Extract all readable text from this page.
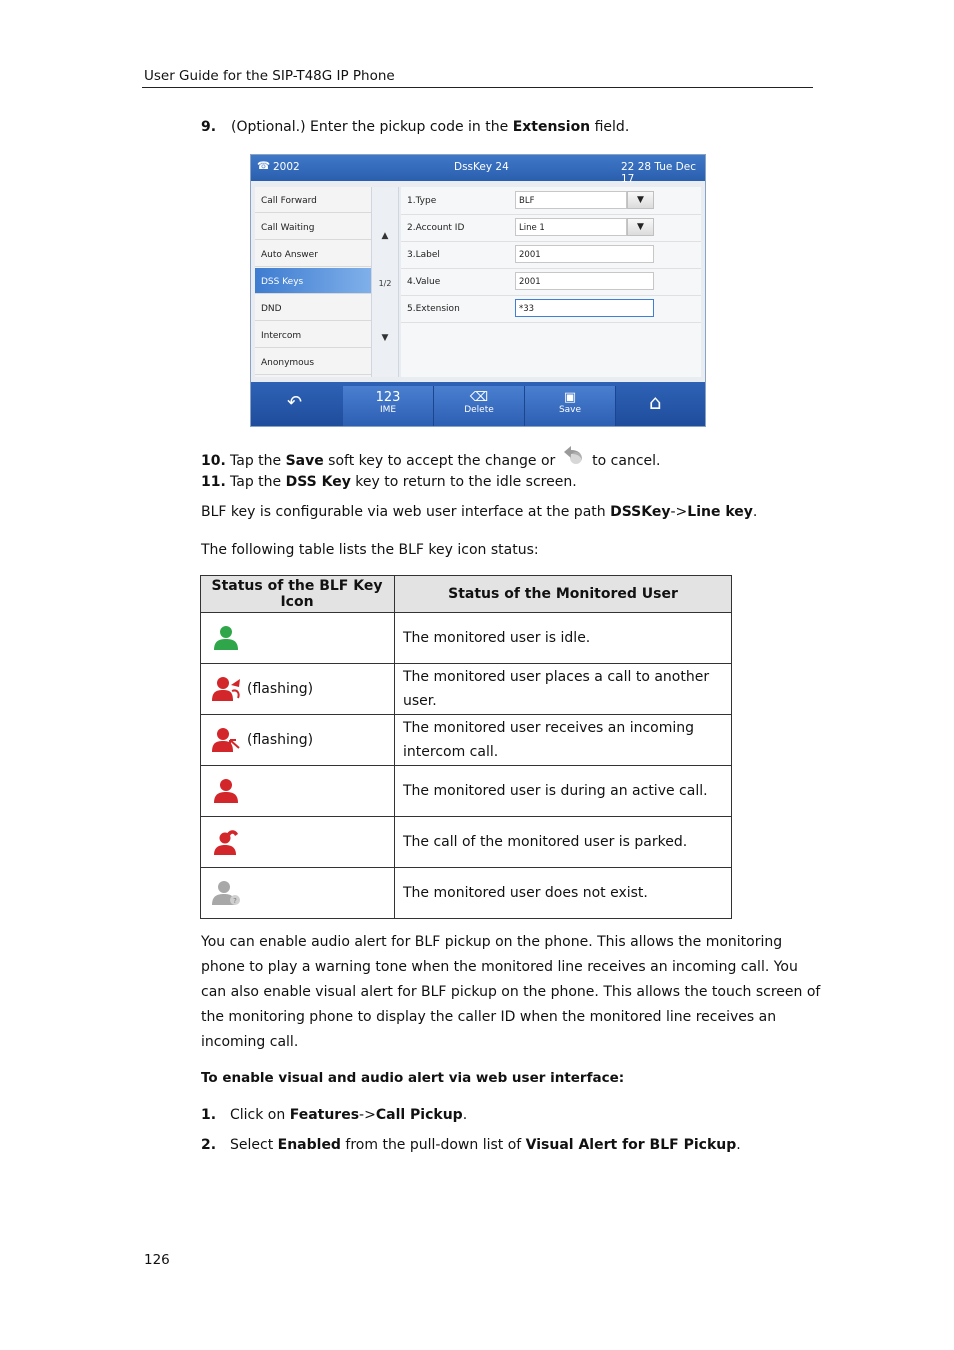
User Guide for the SIP-T48G IP Phone
9. (Optional.) Enter the pickup code in the Extension field.
☎ 2002	DssKey 24	22 28 Tue Dec 17
Call Forward
Call Waiting
Auto Answer
DSS Keys
DND
Intercom
Anonymous
▲
1/2
▼
1.Type	BLF	▼
2.Account ID	Line 1	▼
3.Label	2001
4.Value	2001
5.Extension	*33
↶	123
IME
⌫
Delete
▣
Save	⌂
10. Tap the Save soft key to accept the change or  to cancel.
11. Tap the DSS Key key to return to the idle screen.
BLF key is configurable via web user interface at the path DSSKey->Line key.
The following table lists the BLF key icon status:
Status of the BLF Key Icon	Status of the Monitored User
	The monitored user is idle.
(flashing)	The monitored user places a call to another
user.
(flashing)	The monitored user receives an incoming
intercom call.
	The monitored user is during an active call.
	The call of the monitored user is parked.

?	The monitored user does not exist.
You can enable audio alert for BLF pickup on the phone. This allows the monitoring
phone to play a warning tone when the monitored line receives an incoming call. You
can also enable visual alert for BLF pickup on the phone. This allows the touch screen of
the monitoring phone to display the caller ID when the monitored line receives an
incoming call.
To enable visual and audio alert via web user interface:
1. Click on Features->Call Pickup.
2. Select Enabled from the pull-down list of Visual Alert for BLF Pickup.
126
